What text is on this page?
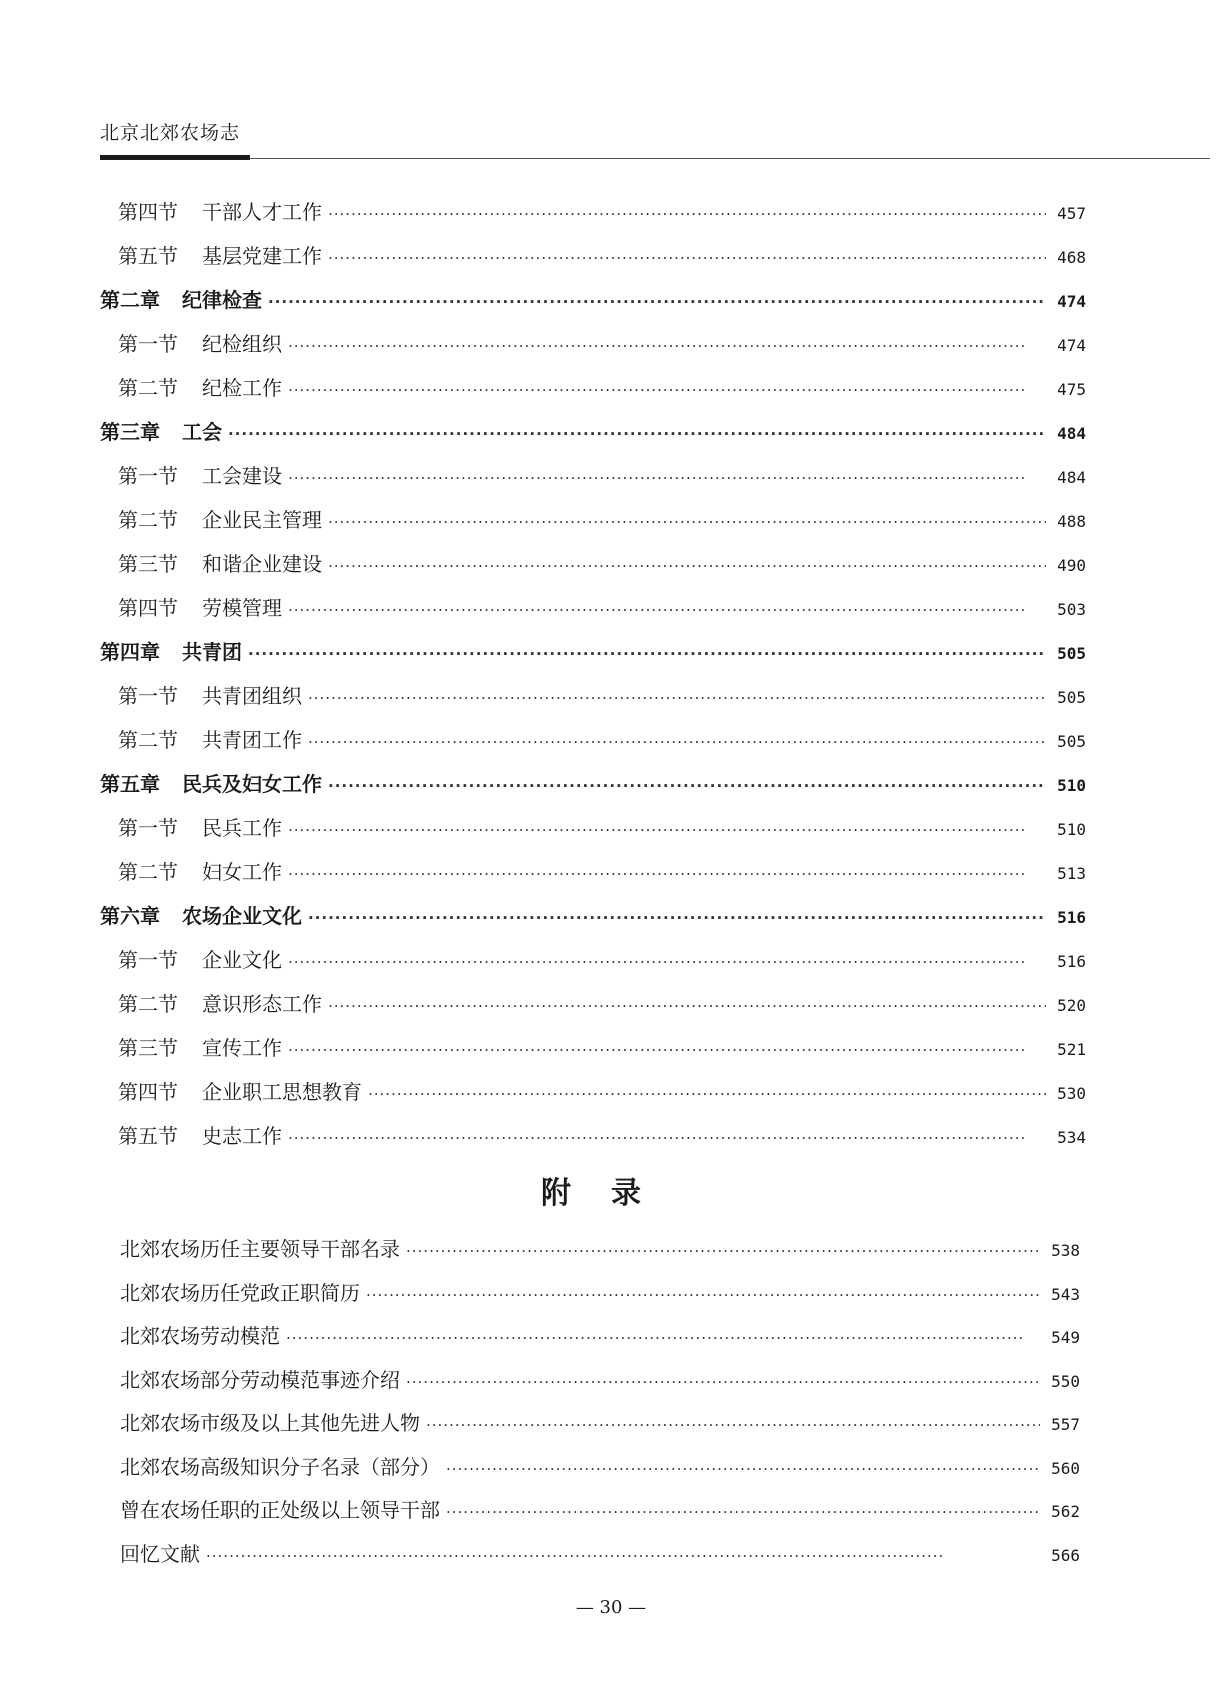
北京北郊农场志
第四节 干部人才工作 ·····	457
第五节 基层党建工作 ·····	468
第二章 纪律检查 ·····	474
第一节 纪检组织 ·····	474
第二节 纪检工作 ·····	475
第三章 工会 ·····	484
第一节 工会建设 ·····	484
第二节 企业民主管理 ·····	488
第三节 和谐企业建设 ·····	490
第四节 劳模管理 ·····	503
第四章 共青团 ·····	505
第一节 共青团组织 ·····	505
第二节 共青团工作 ·····	505
第五章 民兵及妇女工作 ·····	510
第一节 民兵工作 ·····	510
第二节 妇女工作 ·····	513
第六章 农场企业文化 ·····	516
第一节 企业文化 ·····	516
第二节 意识形态工作 ·····	520
第三节 宣传工作 ·····	521
第四节 企业职工思想教育 ·····	530
第五节 史志工作 ·····	534
附录
北郊农场历任主要领导干部名录 ·····	538
北郊农场历任党政正职简历 ·····	543
北郊农场劳动模范 ·····	549
北郊农场部分劳动模范事迹介绍 ·····	550
北郊农场市级及以上其他先进人物 ·····	557
北郊农场高级知识分子名录（部分） ·····	560
曾在农场任职的正处级以上领导干部 ·····	562
回忆文献 ·····	566
— 30 —
